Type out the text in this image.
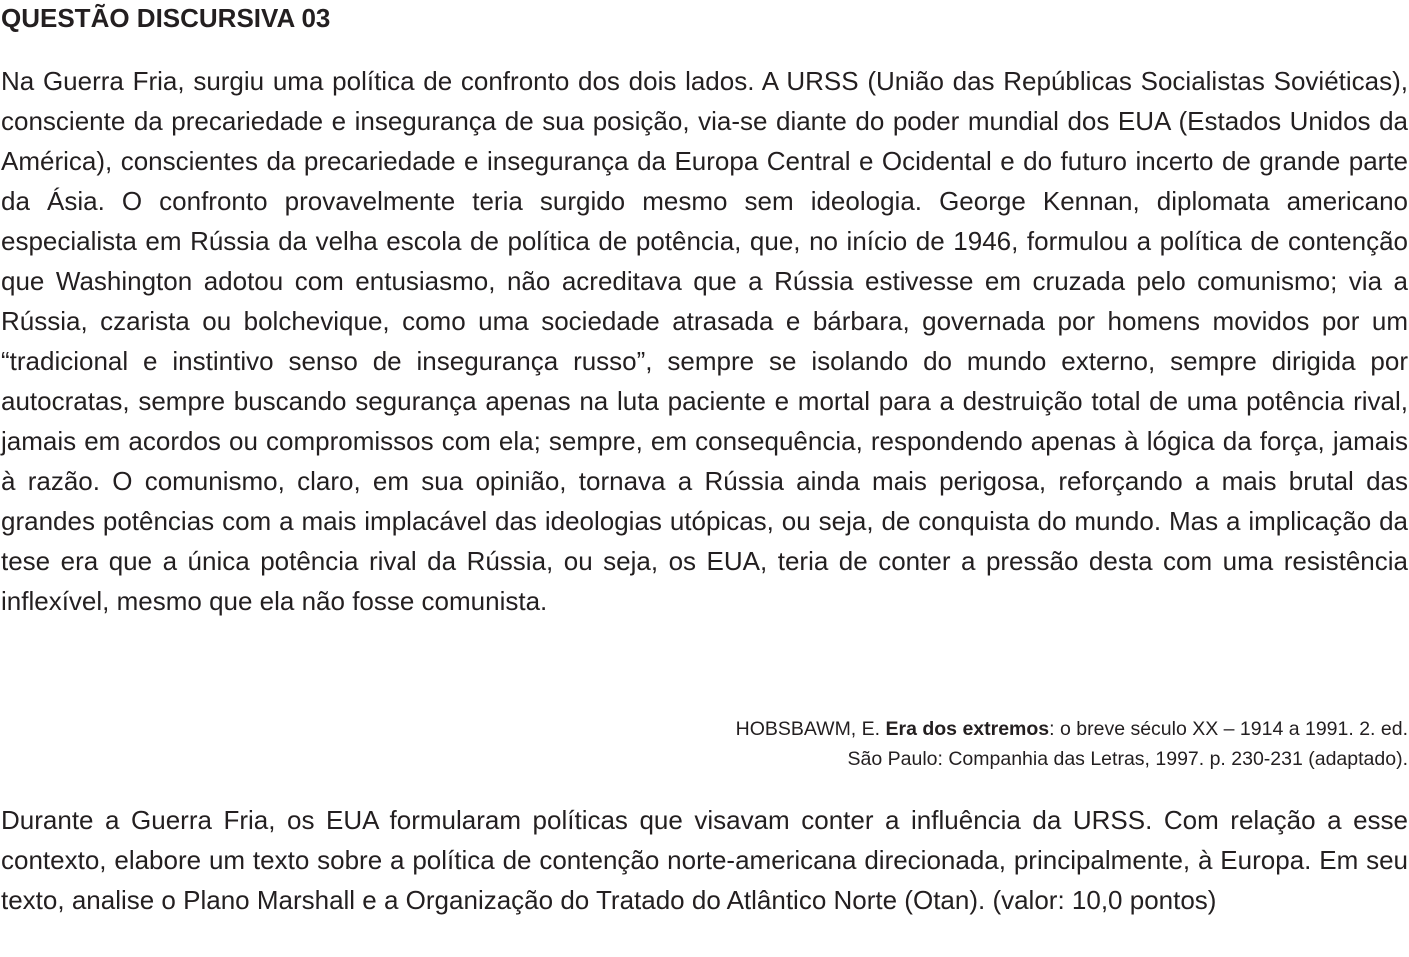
QUESTÃO DISCURSIVA 03

Na Guerra Fria, surgiu uma política de confronto dos dois lados. A URSS (União das Repúblicas Socialistas Soviéticas), consciente da precariedade e insegurança de sua posição, via-se diante do poder mundial dos EUA (Estados Unidos da América), conscientes da precariedade e insegurança da Europa Central e Ocidental e do futuro incerto de grande parte da Ásia. O confronto provavelmente teria surgido mesmo sem ideologia. George Kennan, diplomata americano especialista em Rússia da velha escola de política de potência, que, no início de 1946, formulou a política de contenção que Washington adotou com entusiasmo, não acreditava que a Rússia estivesse em cruzada pelo comunismo; via a Rússia, czarista ou bolchevique, como uma sociedade atrasada e bárbara, governada por homens movidos por um “tradicional e instintivo senso de insegurança russo”, sempre se isolando do mundo externo, sempre dirigida por autocratas, sempre buscando segurança apenas na luta paciente e mortal para a destruição total de uma potência rival, jamais em acordos ou compromissos com ela; sempre, em consequência, respondendo apenas à lógica da força, jamais à razão. O comunismo, claro, em sua opinião, tornava a Rússia ainda mais perigosa, reforçando a mais brutal das grandes potências com a mais implacável das ideologias utópicas, ou seja, de conquista do mundo. Mas a implicação da tese era que a única potência rival da Rússia, ou seja, os EUA, teria de conter a pressão desta com uma resistência inflexível, mesmo que ela não fosse comunista.

HOBSBAWM, E. Era dos extremos: o breve século XX – 1914 a 1991. 2. ed.
São Paulo: Companhia das Letras, 1997. p. 230-231 (adaptado).

Durante a Guerra Fria, os EUA formularam políticas que visavam conter a influência da URSS. Com relação a esse contexto, elabore um texto sobre a política de contenção norte-americana direcionada, principalmente, à Europa. Em seu texto, analise o Plano Marshall e a Organização do Tratado do Atlântico Norte (Otan). (valor: 10,0 pontos)
